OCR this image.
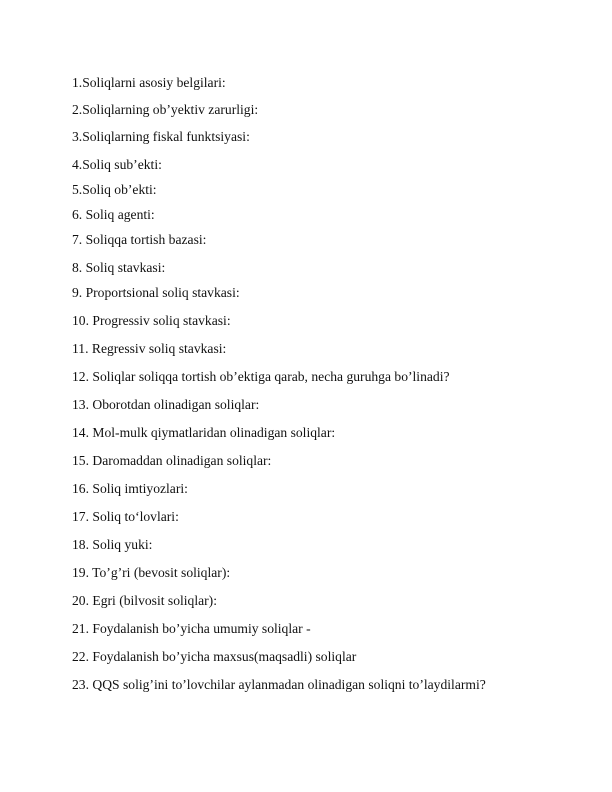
1.Soliqlarni asosiy belgilari:
2.Soliqlarning ob’yektiv zarurligi:
3.Soliqlarning fiskal funktsiyasi:
4.Soliq sub’ekti:
5.Soliq ob’ekti:
6. Soliq agenti:
7. Soliqqa tortish bazasi:
8. Soliq stavkasi:
9. Proportsional soliq stavkasi:
10. Progressiv soliq stavkasi:
11. Regressiv soliq stavkasi:
12. Soliqlar soliqqa tortish ob’ektiga qarab, necha guruhga bo’linadi?
13. Oborotdan olinadigan soliqlar:
14. Mol-mulk qiymatlaridan olinadigan soliqlar:
15. Daromaddan olinadigan soliqlar:
16. Soliq imtiyozlari:
17. Soliq to‘lovlari:
18. Soliq yuki:
19. To’g’ri (bevosit soliqlar):
20. Egri (bilvosit soliqlar):
21. Foydalanish bo’yicha umumiy soliqlar -
22. Foydalanish bo’yicha maxsus(maqsadli) soliqlar
23. QQS solig’ini to’lovchilar aylanmadan olinadigan soliqni to’laydilarmi?
